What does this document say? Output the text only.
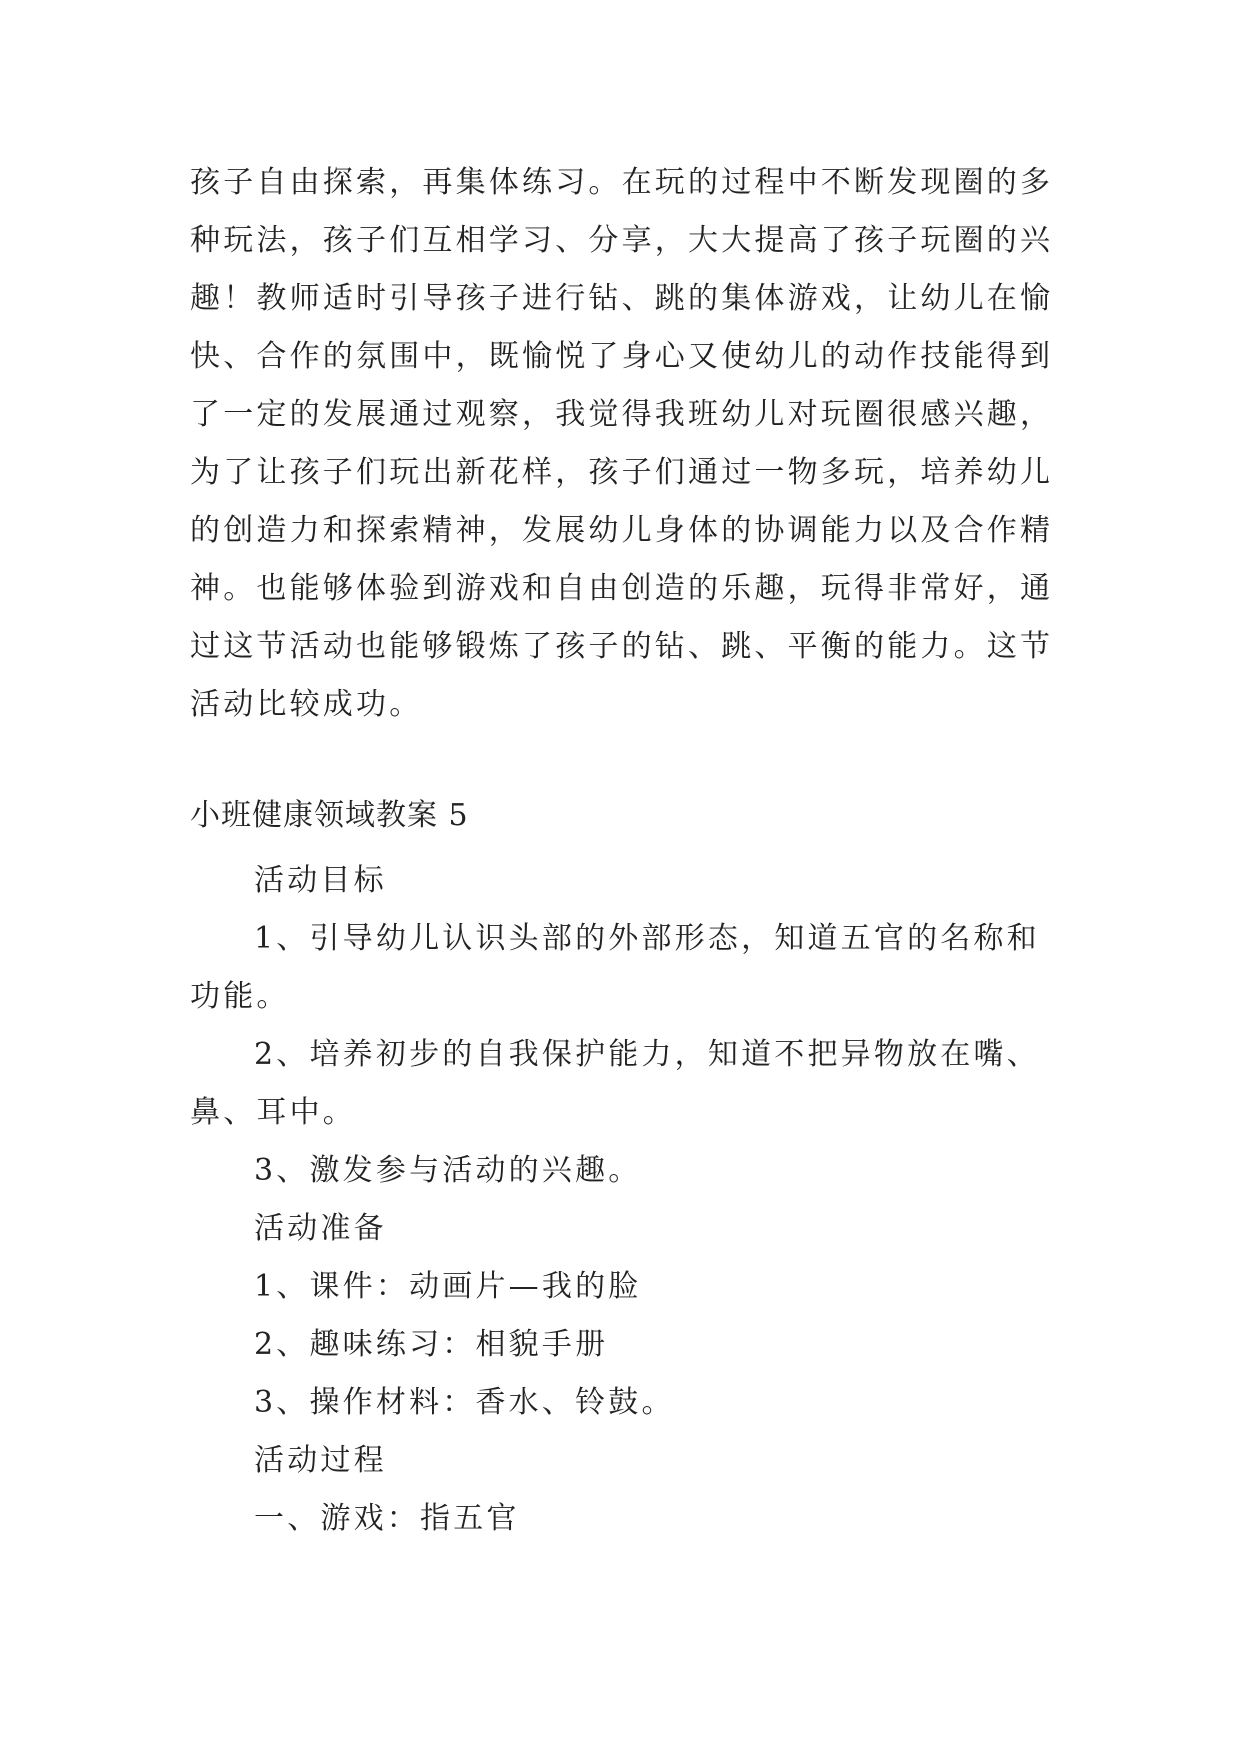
孩子自由探索，再集体练习。在玩的过程中不断发现圈的多
种玩法，孩子们互相学习、分享，大大提高了孩子玩圈的兴
趣！教师适时引导孩子进行钻、跳的集体游戏，让幼儿在愉
快、合作的氛围中，既愉悦了身心又使幼儿的动作技能得到
了一定的发展通过观察，我觉得我班幼儿对玩圈很感兴趣，
为了让孩子们玩出新花样，孩子们通过一物多玩，培养幼儿
的创造力和探索精神，发展幼儿身体的协调能力以及合作精
神。也能够体验到游戏和自由创造的乐趣，玩得非常好，通
过这节活动也能够锻炼了孩子的钻、跳、平衡的能力。这节
活动比较成功。
小班健康领域教案 5
活动目标
1、引导幼儿认识头部的外部形态，知道五官的名称和
功能。
2、培养初步的自我保护能力，知道不把异物放在嘴、
鼻、耳中。
3、激发参与活动的兴趣。
活动准备
1、课件：动画片—我的脸
2、趣味练习：相貌手册
3、操作材料：香水、铃鼓。
活动过程
一、游戏：指五官
